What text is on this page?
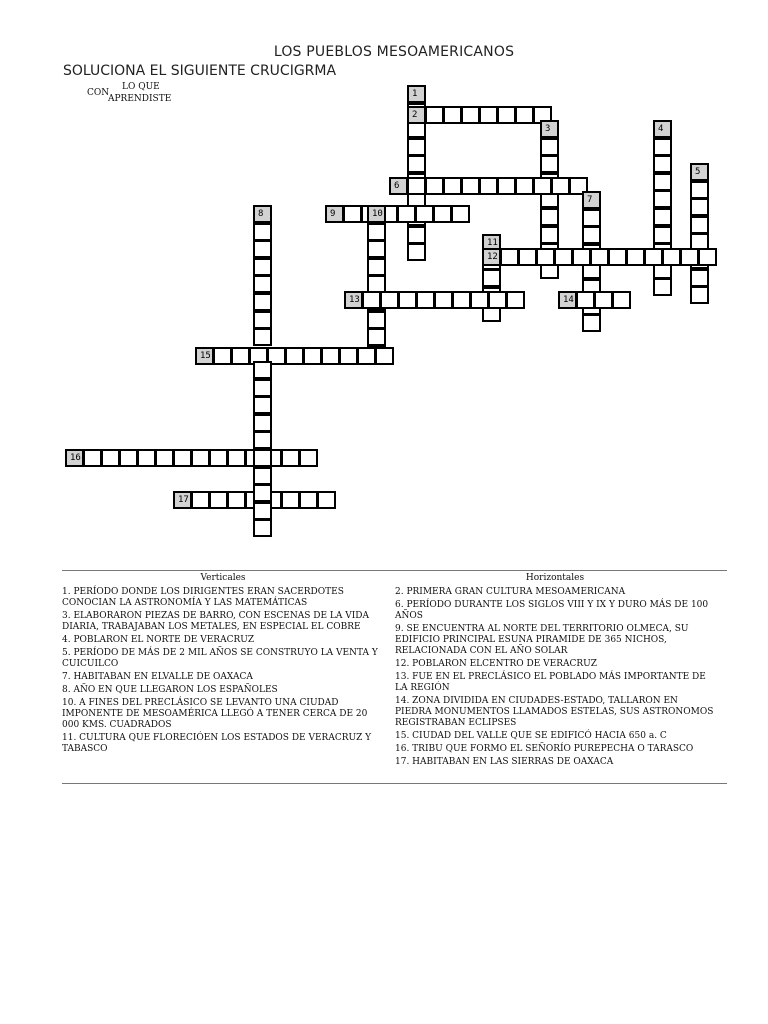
LOS PUEBLOS MESOAMERICANOS
SOLUCIONA EL SIGUIENTE CRUCIGRMA
CON
LO QUE
APRENDISTE	1
2
3	4
5
6
7
8	9	10
11
12
13	14
15
16
17
Verticales
1. PERÍODO DONDE LOS DIRIGENTES ERAN SACERDOTES CONOCIAN LA ASTRONOMÍA Y LAS MATEMÁTICAS
3. ELABORARON PIEZAS DE BARRO, CON ESCENAS DE LA VIDA DIARIA, TRABAJABAN LOS METALES, EN ESPECIAL EL COBRE
4. POBLARON EL NORTE DE VERACRUZ
5. PERÍODO DE MÁS DE 2 MIL AÑOS SE CONSTRUYO LA VENTA Y CUICUILCO
7. HABITABAN EN ELVALLE DE OAXACA
8. AÑO EN QUE LLEGARON LOS ESPAÑOLES
10. A FINES DEL PRECLÁSICO SE LEVANTO UNA CIUDAD IMPONENTE DE MESOAMÉRICA LLEGÓ A TENER CERCA DE 20 000 KMS. CUADRADOS
11. CULTURA QUE FLORECIÓEN LOS ESTADOS DE VERACRUZ Y TABASCO
Horizontales
2. PRIMERA GRAN CULTURA MESOAMERICANA
6. PERÍODO DURANTE LOS SIGLOS VIII Y IX Y DURO MÁS DE 100 AÑOS
9. SE ENCUENTRA AL NORTE DEL TERRITORIO OLMECA, SU EDIFICIO PRINCIPAL ESUNA PIRAMIDE DE 365 NICHOS, RELACIONADA CON EL AÑO SOLAR
12. POBLARON ELCENTRO DE VERACRUZ
13. FUE EN EL PRECLÁSICO EL POBLADO MÁS IMPORTANTE DE LA REGIÓN
14. ZONA DIVIDIDA EN CIUDADES-ESTADO, TALLARON EN PIEDRA MONUMENTOS LLAMADOS ESTELAS, SUS ASTRONOMOS REGISTRABAN ECLIPSES
15. CIUDAD DEL VALLE QUE SE EDIFICÓ HACIA 650 a. C
16. TRIBU QUE FORMO EL SEÑORÍO PUREPECHA O TARASCO
17. HABITABAN EN LAS SIERRAS DE OAXACA
